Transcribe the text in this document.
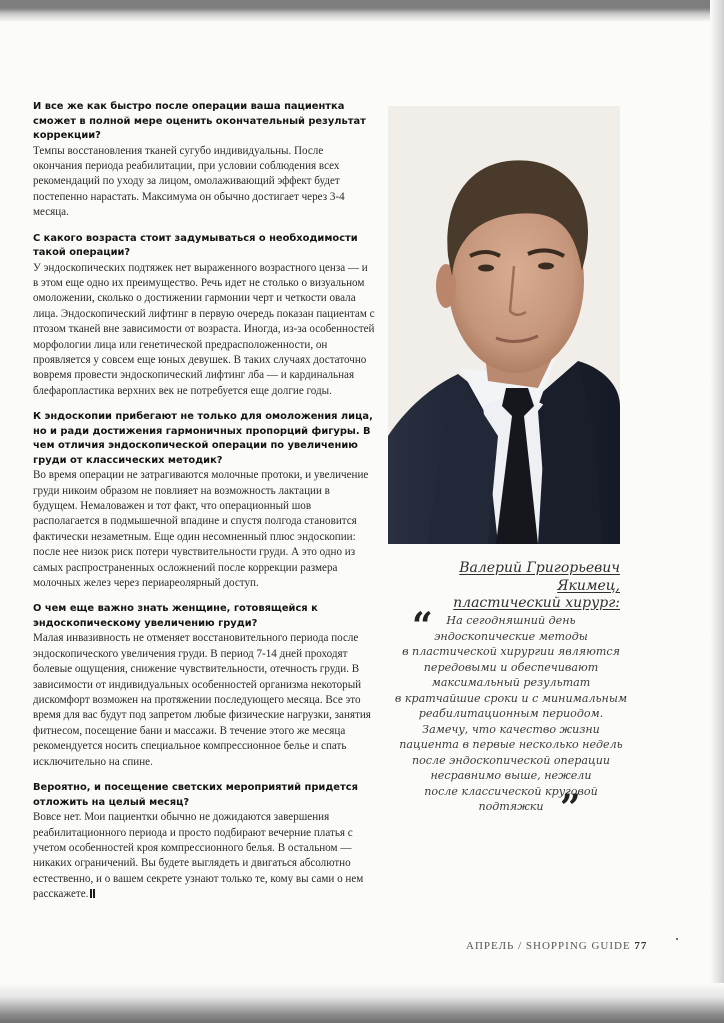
И все же как быстро после операции ваша пациентка сможет в полной мере оценить окончательный результат коррекции?

Темпы восстановления тканей сугубо индивидуальны. После окончания периода реабилитации, при условии соблюдения всех рекомендаций по уходу за лицом, омолаживающий эффект будет постепенно нарастать. Максимума он обычно достигает через 3-4 месяца.

С какого возраста стоит задумываться о необходимости такой операции?

У эндоскопических подтяжек нет выраженного возрастного ценза — и в этом еще одно их преимущество. Речь идет не столько о визуальном омоложении, сколько о достижении гармонии черт и четкости овала лица. Эндоскопический лифтинг в первую очередь показан пациентам с птозом тканей вне зависимости от возраста. Иногда, из-за особенностей морфологии лица или генетической предрасположенности, он проявляется у совсем еще юных девушек. В таких случаях достаточно вовремя провести эндоскопический лифтинг лба — и кардинальная блефаропластика верхних век не потребуется еще долгие годы.

К эндоскопии прибегают не только для омоложения лица, но и ради достижения гармоничных пропорций фигуры. В чем отличия эндоскопической операции по увеличению груди от классических методик?

Во время операции не затрагиваются молочные протоки, и увеличение груди никоим образом не повлияет на возможность лактации в будущем. Немаловажен и тот факт, что операционный шов располагается в подмышечной впадине и спустя полгода становится фактически незаметным. Еще один несомненный плюс эндоскопии: после нее низок риск потери чувствительности груди. А это одно из самых распространенных осложнений после коррекции размера молочных желез через периареолярный доступ.

О чем еще важно знать женщине, готовящейся к эндоскопическому увеличению груди?

Малая инвазивность не отменяет восстановительного периода после эндоскопического увеличения груди. В период 7-14 дней проходят болевые ощущения, снижение чувствительности, отечность груди. В зависимости от индивидуальных особенностей организма некоторый дискомфорт возможен на протяжении последующего месяца. Все это время для вас будут под запретом любые физические нагрузки, занятия фитнесом, посещение бани и массажи. В течение этого же месяца рекомендуется носить специальное компрессионное белье и спать исключительно на спине.

Вероятно, и посещение светских мероприятий придется отложить на целый месяц?

Вовсе нет. Мои пациентки обычно не дожидаются завершения реабилитационного периода и просто подбирают вечерние платья с учетом особенностей кроя компрессионного белья. В остальном — никаких ограничений. Вы будете выглядеть и двигаться абсолютно естественно, и о вашем секрете узнают только те, кому вы сами о нем расскажете.

Валерий Григорьевич Якимец,
пластический хирург:
“	На сегодняшний день
эндоскопические методы
в пластической хирургии являются
передовыми и обеспечивают
максимальный результат
в кратчайшие сроки и с минимальным
реабилитационным периодом.
Замечу, что качество жизни
пациента в первые несколько недель
после эндоскопической операции
несравнимо выше, нежели
после классической круговой
подтяжки ”
АПРЕЛЬ / SHOPPING GUIDE 77
